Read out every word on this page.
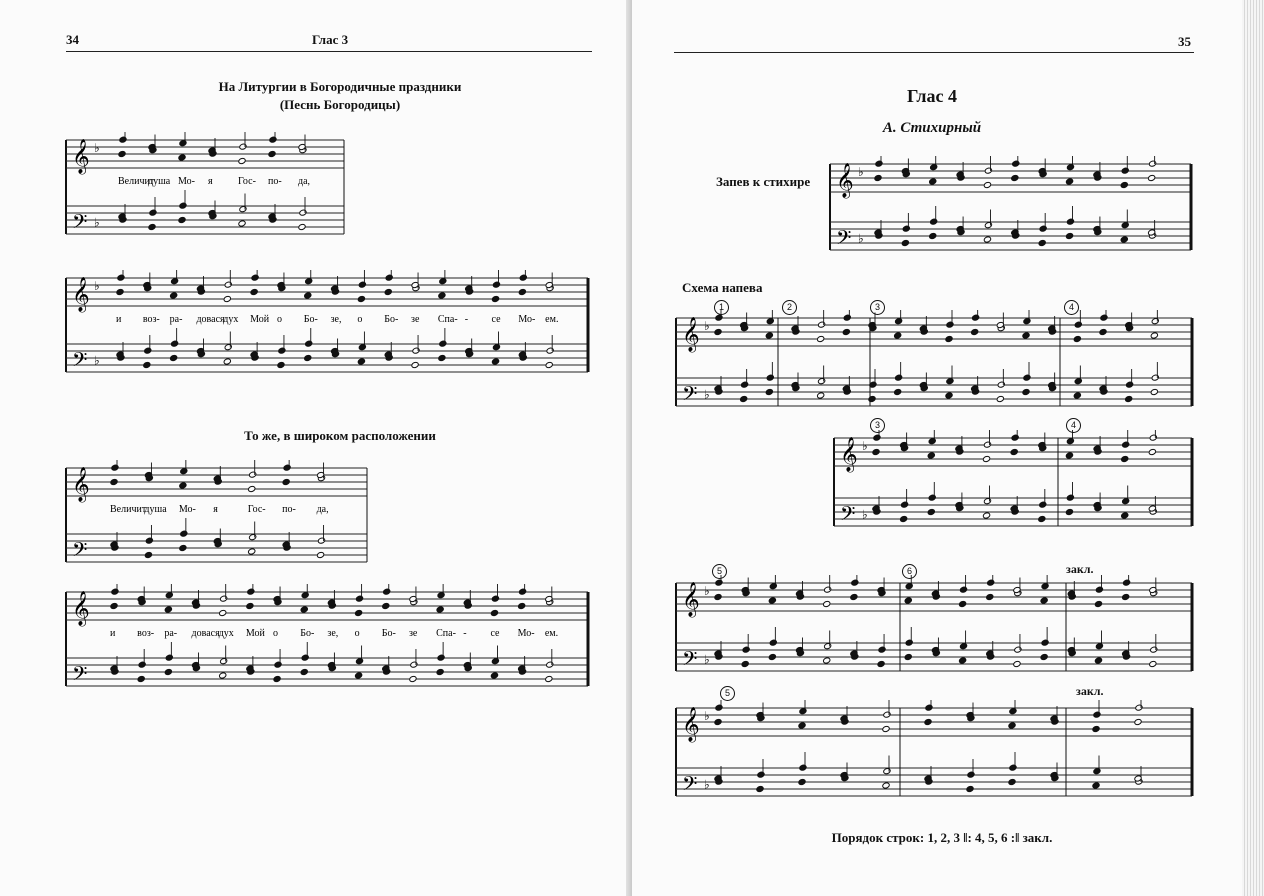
34	Глас 3
На Литургии в Богородичные праздники
(Песнь Богородицы)
𝄞 ♭
𝄢 ♭
Величит
душа Мо- я	Гос- по- да,
𝄞 ♭
𝄢 ♭
и воз- ра- довася
дух Мой о Бо- зе, о Бо- зе Спа- - се Мо- ем.
То же, в широком расположении
𝄞
𝄢
Величит
душа Мо- я	Гос- по- да,
𝄞
𝄢
и воз- ра- довася дух Мой о Бо- зе, о Бо- зе Спа- - се Мо- ем.
35
Глас 4
А. Стихирный
Запев к стихире 𝄞 ♭
𝄢 ♭
Схема напева
1	2	3	4
𝄞 ♭
𝄢 ♭
3	4
𝄞 ♭
𝄢 ♭
5	6	закл.
𝄞 ♭
𝄢 ♭
5	закл.
𝄞 ♭
𝄢 ♭
Порядок строк: 1, 2, 3 ‖: 4, 5, 6 :‖ закл.
